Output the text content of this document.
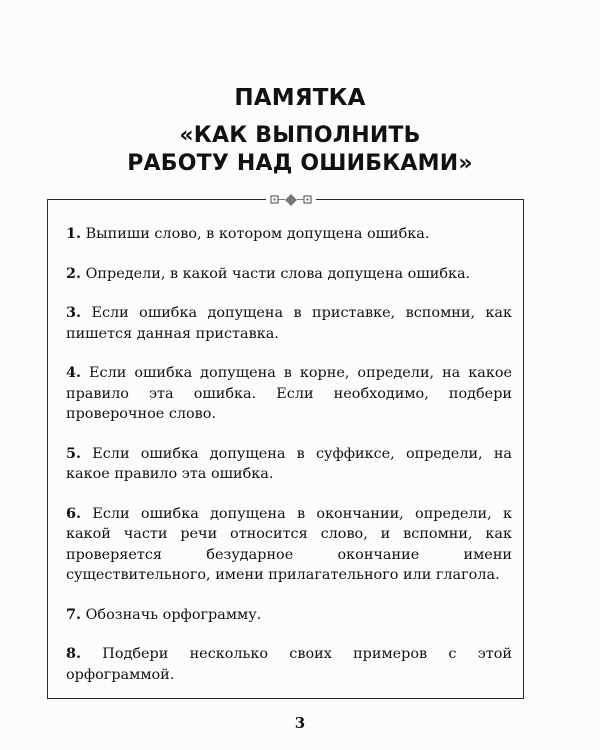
ПАМЯТКА
«КАК ВЫПОЛНИТЬ
РАБОТУ НАД ОШИБКАМИ»
1. Выпиши слово, в котором допущена ошибка.
2. Определи, в какой части слова допущена ошибка.
3. Если ошибка допущена в приставке, вспомни, как пишется данная приставка.
4. Если ошибка допущена в корне, определи, на какое правило эта ошибка. Если необходимо, подбери проверочное слово.
5. Если ошибка допущена в суффиксе, определи, на какое правило эта ошибка.
6. Если ошибка допущена в окончании, определи, к какой части речи относится слово, и вспомни, как проверяется безударное окончание имени существительного, имени прилагательного или глагола.
7. Обозначь орфограмму.
8. Подбери несколько своих примеров с этой орфограммой.
3
